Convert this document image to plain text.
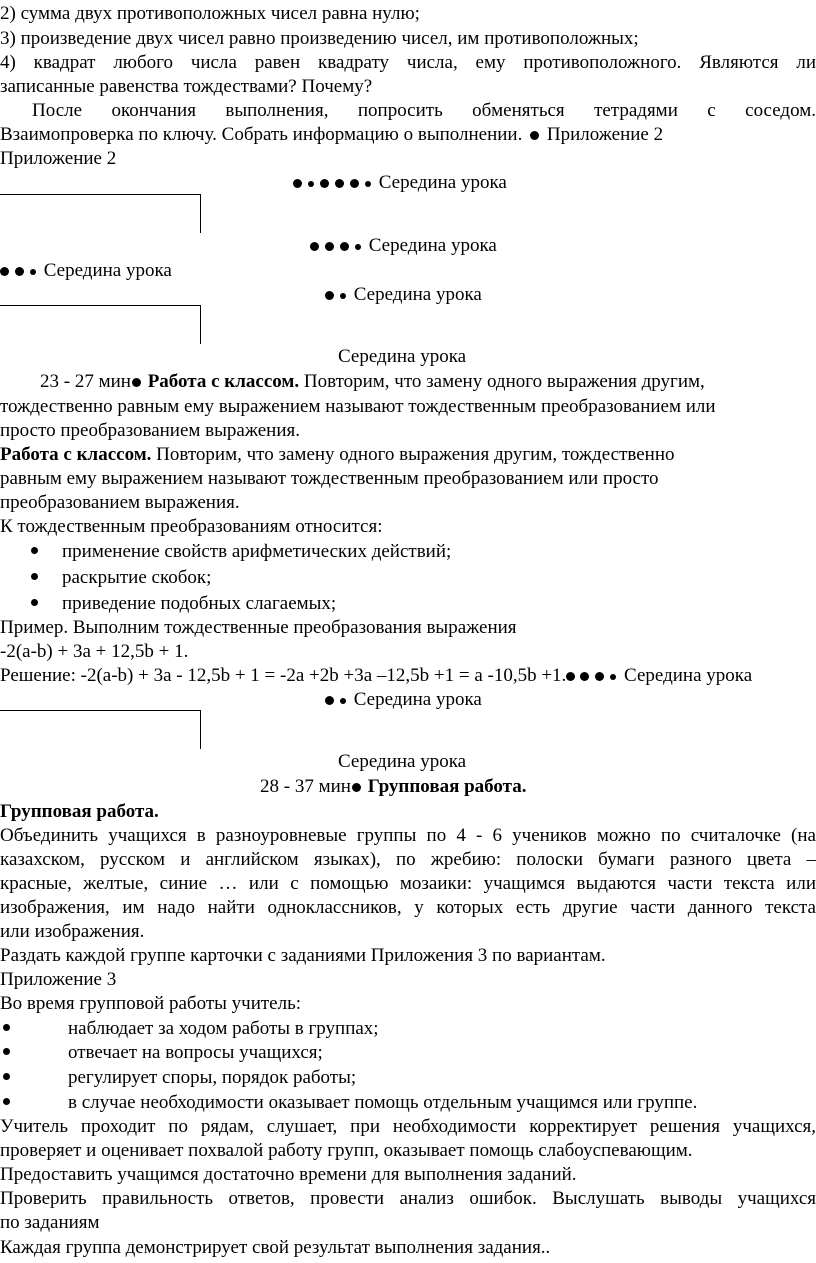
2) сумма двух противоположных чисел равна нулю;
3) произведение двух чисел равно произведению чисел, им противоположных;
4) квадрат любого числа равен квадрату числа, ему противоположного. Являются ли
записанные равенства тождествами? Почему?
После окончания выполнения, попросить обменяться тетрадями с соседом.
Взаимопроверка по ключу. Собрать информацию о выполнении. Приложение 2
Приложение 2
Середина урока
Середина урока
Середина урока
Середина урока
Середина урока
23 - 27 мин Работа с классом. Повторим, что замену одного выражения другим,
тождественно равным ему выражением называют тождественным преобразованием или
просто преобразованием выражения.
Работа с классом. Повторим, что замену одного выражения другим, тождественно
равным ему выражением называют тождественным преобразованием или просто
преобразованием выражения.
К тождественным преобразованиям относится:
применение свойств арифметических действий;
раскрытие скобок;
приведение подобных слагаемых;
Пример. Выполним тождественные преобразования выражения
-2(a-b) + 3a + 12,5b + 1.
Решение: -2(a-b) + 3a - 12,5b + 1 = -2a +2b +3a –12,5b +1 = a -10,5b +1.	Середина урока
Середина урока
Середина урока
28 - 37 мин Групповая работа.
Групповая работа.
Объединить учащихся в разноуровневые группы по 4 - 6 учеников можно по считалочке (на
казахском, русском и английском языках), по жребию: полоски бумаги разного цвета –
красные, желтые, синие … или с помощью мозаики: учащимся выдаются части текста или
изображения, им надо найти одноклассников, у которых есть другие части данного текста
или изображения.
Раздать каждой группе карточки с заданиями Приложения 3 по вариантам.
Приложение 3
Во время групповой работы учитель:
наблюдает за ходом работы в группах;
отвечает на вопросы учащихся;
регулирует споры, порядок работы;
в случае необходимости оказывает помощь отдельным учащимся или группе.
Учитель проходит по рядам, слушает, при необходимости корректирует решения учащихся,
проверяет и оценивает похвалой работу групп, оказывает помощь слабоуспевающим.
Предоставить учащимся достаточно времени для выполнения заданий.
Проверить правильность ответов, провести анализ ошибок. Выслушать выводы учащихся
по заданиям
Каждая группа демонстрирует свой результат выполнения задания..
